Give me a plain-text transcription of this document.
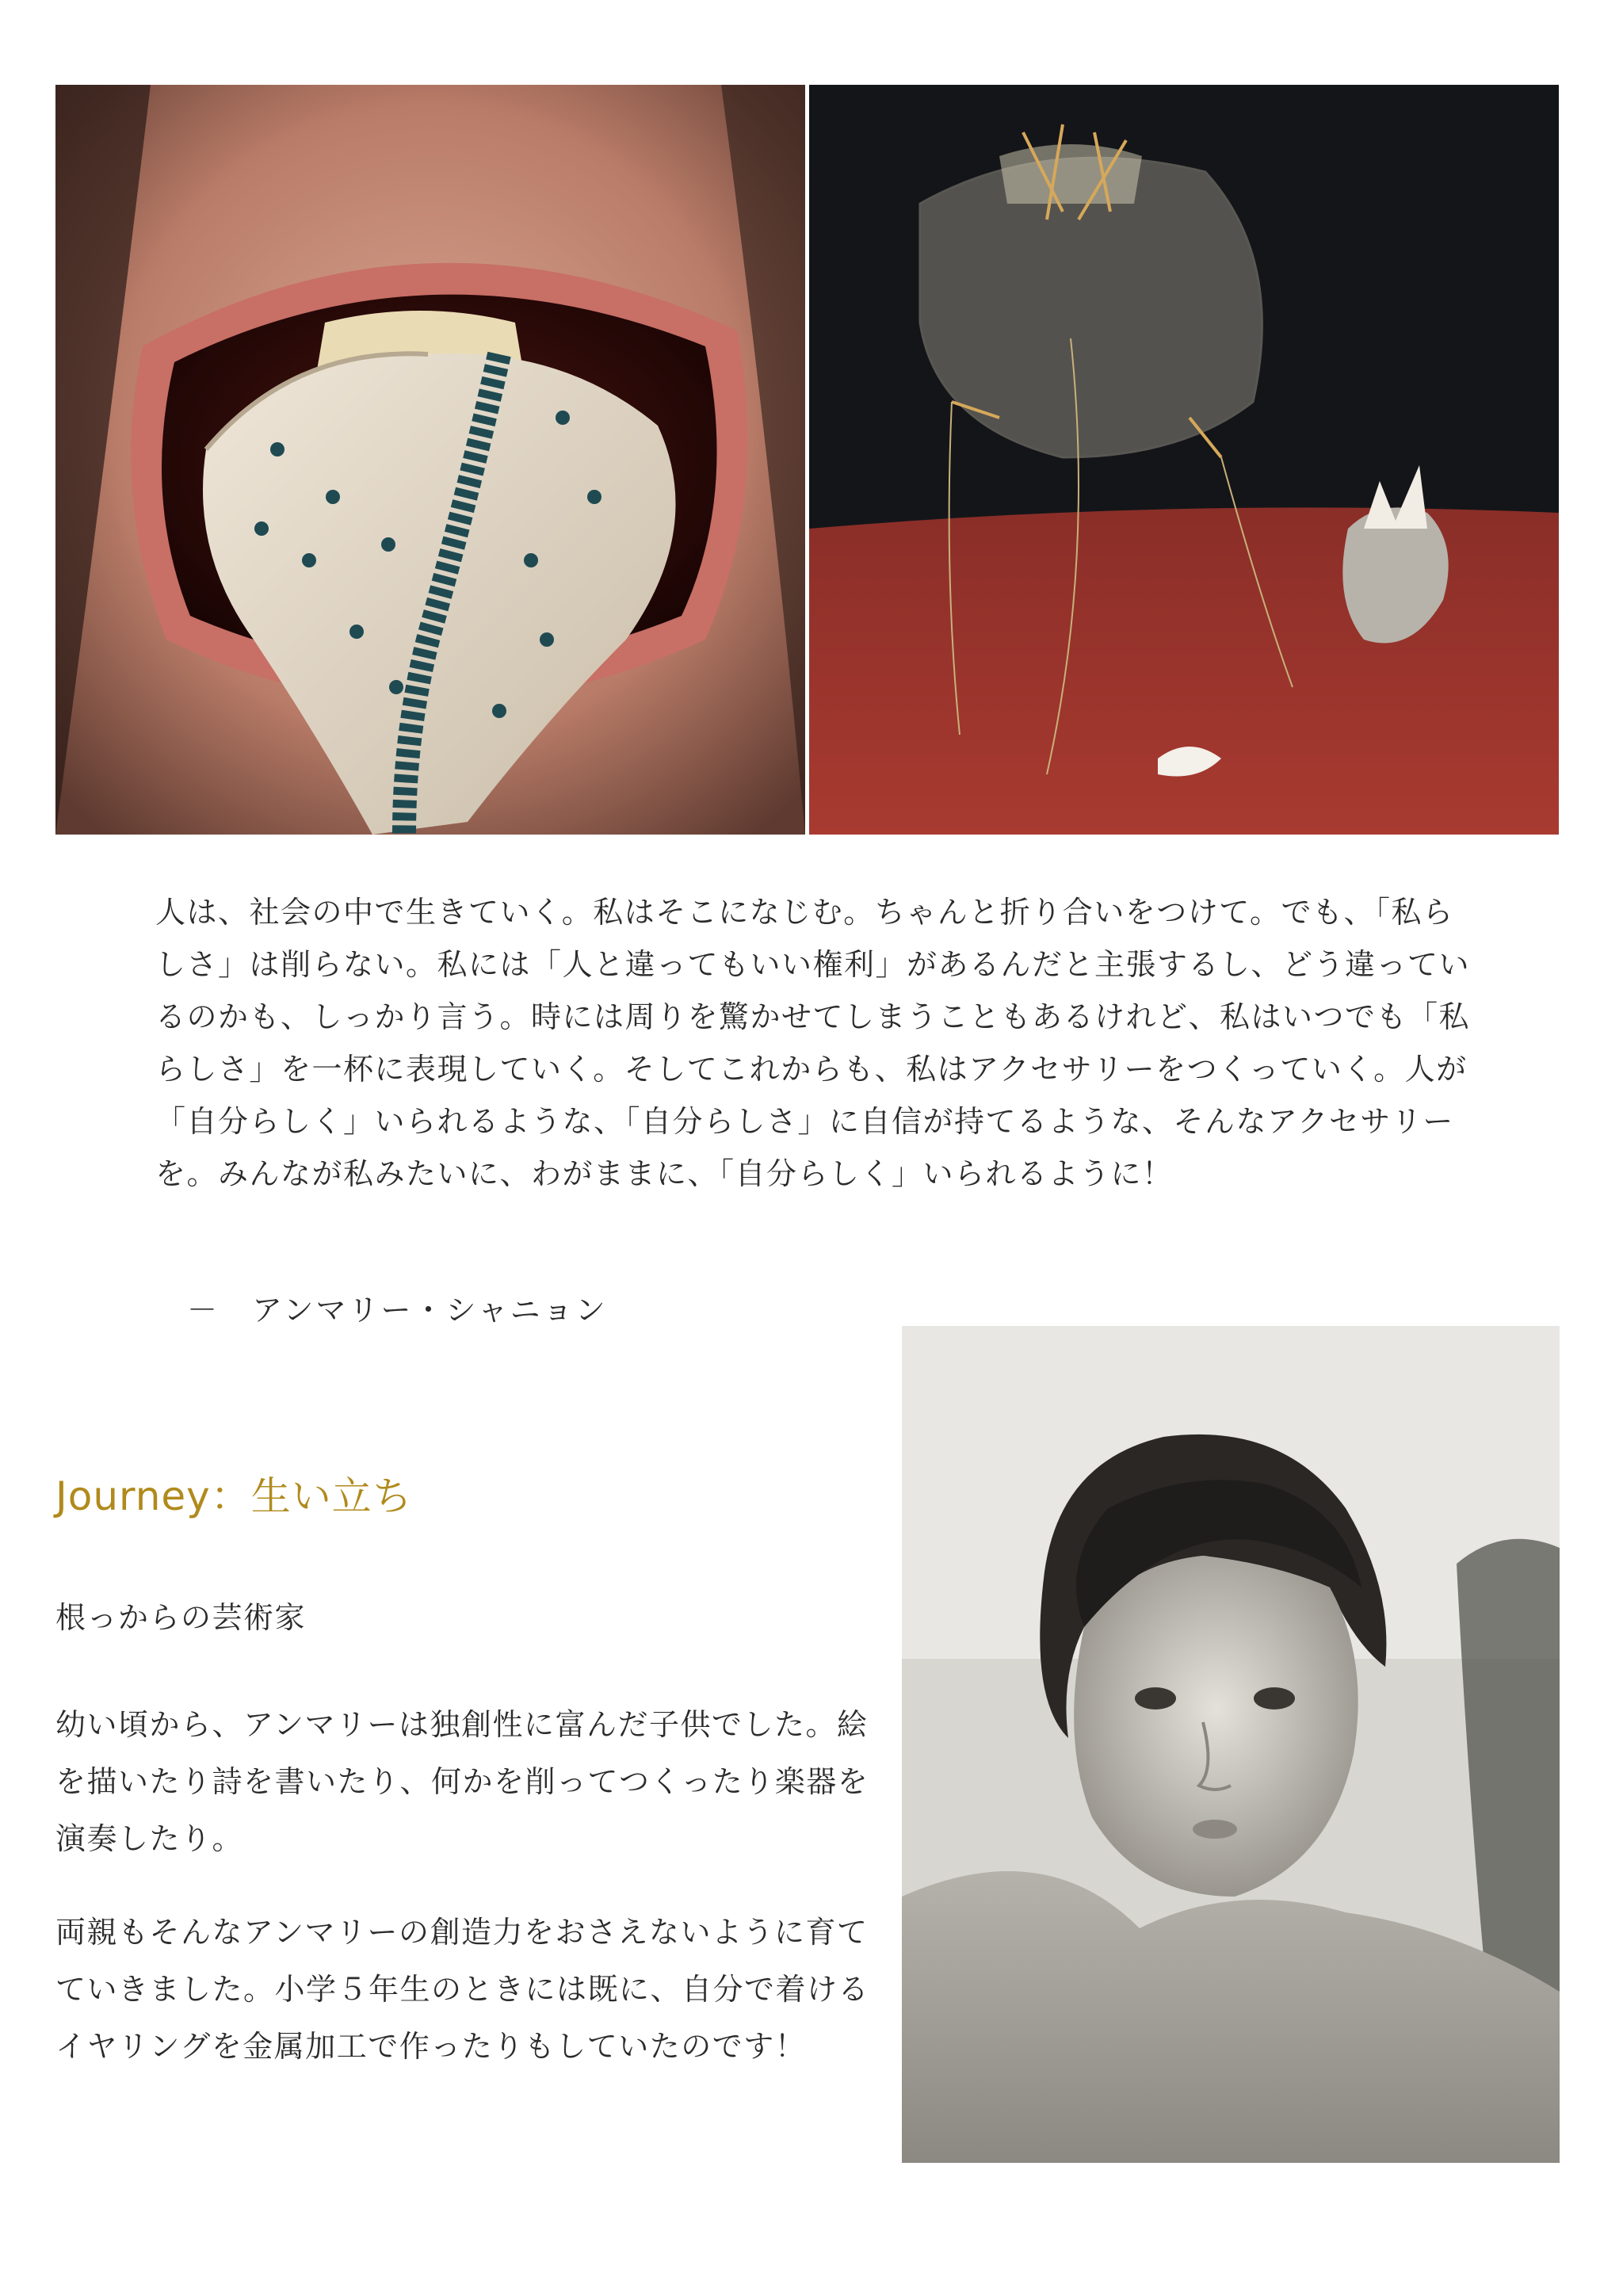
人は、社会の中で生きていく。私はそこになじむ。ちゃんと折り合いをつけて。でも、「私らしさ」は削らない。私には「人と違ってもいい権利」があるんだと主張するし、どう違っているのかも、しっかり言う。時には周りを驚かせてしまうこともあるけれど、私はいつでも「私らしさ」を一杯に表現していく。そしてこれからも、私はアクセサリーをつくっていく。人が「自分らしく」いられるような、「自分らしさ」に自信が持てるような、そんなアクセサリーを。みんなが私みたいに、わがままに、「自分らしく」いられるように！

－　アンマリー・シャニョン
Journey：生い立ち
根っからの芸術家

幼い頃から、アンマリーは独創性に富んだ子供でした。絵を描いたり詩を書いたり、何かを削ってつくったり楽器を演奏したり。

両親もそんなアンマリーの創造力をおさえないように育てていきました。小学５年生のときには既に、自分で着けるイヤリングを金属加工で作ったりもしていたのです！
